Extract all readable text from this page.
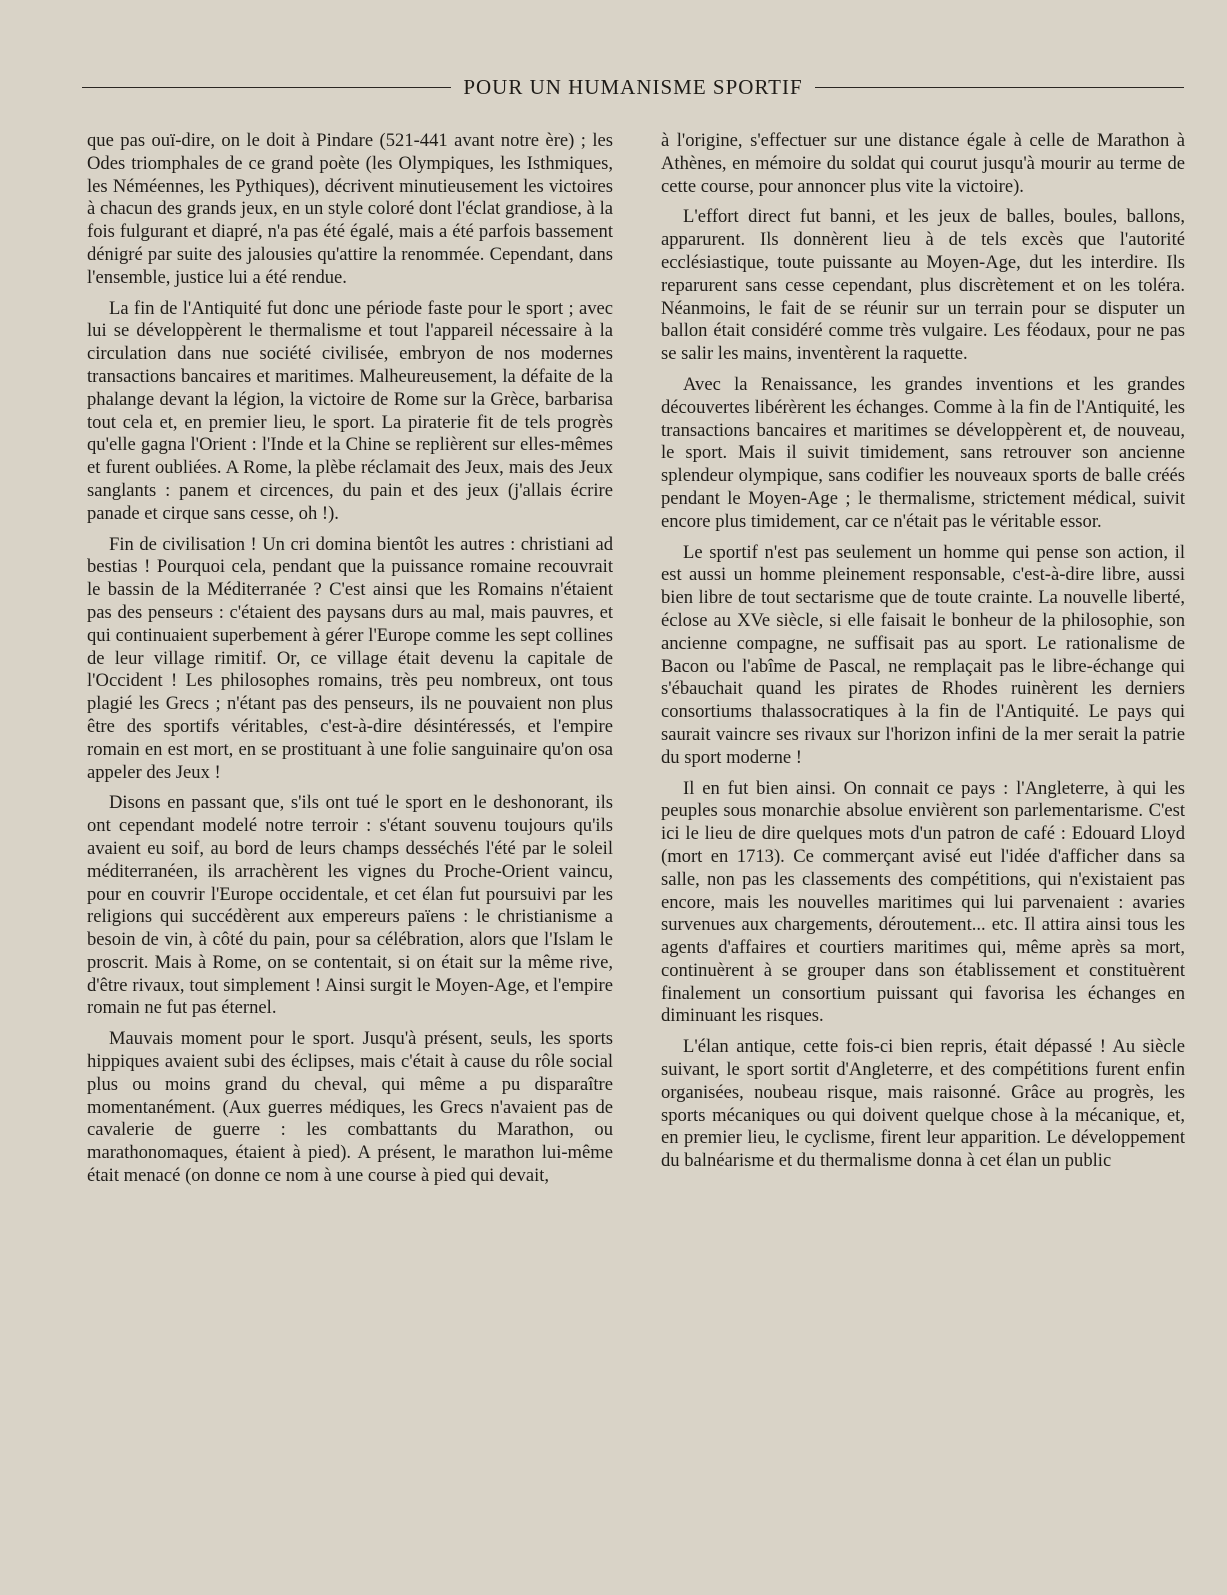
POUR UN HUMANISME SPORTIF

que pas ouï-dire, on le doit à Pindare (521-441 avant notre ère) ; les Odes triomphales de ce grand poète (les Olympiques, les Isthmiques, les Néméennes, les Pythiques), décrivent minutieusement les victoires à chacun des grands jeux, en un style coloré dont l'éclat grandiose, à la fois fulgurant et diapré, n'a pas été égalé, mais a été parfois bassement dénigré par suite des jalousies qu'attire la renommée. Cependant, dans l'ensemble, justice lui a été rendue.

La fin de l'Antiquité fut donc une période faste pour le sport ; avec lui se développèrent le thermalisme et tout l'appareil nécessaire à la circulation dans nue société civilisée, embryon de nos modernes transactions bancaires et maritimes. Malheureusement, la défaite de la phalange devant la légion, la victoire de Rome sur la Grèce, barbarisa tout cela et, en premier lieu, le sport. La piraterie fit de tels progrès qu'elle gagna l'Orient : l'Inde et la Chine se replièrent sur elles-mêmes et furent oubliées. A Rome, la plèbe réclamait des Jeux, mais des Jeux sanglants : panem et circences, du pain et des jeux (j'allais écrire panade et cirque sans cesse, oh !).

Fin de civilisation ! Un cri domina bientôt les autres : christiani ad bestias ! Pourquoi cela, pendant que la puissance romaine recouvrait le bassin de la Méditerranée ? C'est ainsi que les Romains n'étaient pas des penseurs : c'étaient des paysans durs au mal, mais pauvres, et qui continuaient superbement à gérer l'Europe comme les sept collines de leur village rimitif. Or, ce village était devenu la capitale de l'Occident ! Les philosophes romains, très peu nombreux, ont tous plagié les Grecs ; n'étant pas des penseurs, ils ne pouvaient non plus être des sportifs véritables, c'est-à-dire désintéressés, et l'empire romain en est mort, en se prostituant à une folie sanguinaire qu'on osa appeler des Jeux !

Disons en passant que, s'ils ont tué le sport en le deshonorant, ils ont cependant modelé notre terroir : s'étant souvenu toujours qu'ils avaient eu soif, au bord de leurs champs desséchés l'été par le soleil méditerranéen, ils arrachèrent les vignes du Proche-Orient vaincu, pour en couvrir l'Europe occidentale, et cet élan fut poursuivi par les religions qui succédèrent aux empereurs païens : le christianisme a besoin de vin, à côté du pain, pour sa célébration, alors que l'Islam le proscrit. Mais à Rome, on se contentait, si on était sur la même rive, d'être rivaux, tout simplement ! Ainsi surgit le Moyen-Age, et l'empire romain ne fut pas éternel.

Mauvais moment pour le sport. Jusqu'à présent, seuls, les sports hippiques avaient subi des éclipses, mais c'était à cause du rôle social plus ou moins grand du cheval, qui même a pu disparaître momentanément. (Aux guerres médiques, les Grecs n'avaient pas de cavalerie de guerre : les combattants du Marathon, ou marathonomaques, étaient à pied). A présent, le marathon lui-même était menacé (on donne ce nom à une course à pied qui devait,

à l'origine, s'effectuer sur une distance égale à celle de Marathon à Athènes, en mémoire du soldat qui courut jusqu'à mourir au terme de cette course, pour annoncer plus vite la victoire).

L'effort direct fut banni, et les jeux de balles, boules, ballons, apparurent. Ils donnèrent lieu à de tels excès que l'autorité ecclésiastique, toute puissante au Moyen-Age, dut les interdire. Ils reparurent sans cesse cependant, plus discrètement et on les toléra. Néanmoins, le fait de se réunir sur un terrain pour se disputer un ballon était considéré comme très vulgaire. Les féodaux, pour ne pas se salir les mains, inventèrent la raquette.

Avec la Renaissance, les grandes inventions et les grandes découvertes libérèrent les échanges. Comme à la fin de l'Antiquité, les transactions bancaires et maritimes se développèrent et, de nouveau, le sport. Mais il suivit timidement, sans retrouver son ancienne splendeur olympique, sans codifier les nouveaux sports de balle créés pendant le Moyen-Age ; le thermalisme, strictement médical, suivit encore plus timidement, car ce n'était pas le véritable essor.

Le sportif n'est pas seulement un homme qui pense son action, il est aussi un homme pleinement responsable, c'est-à-dire libre, aussi bien libre de tout sectarisme que de toute crainte. La nouvelle liberté, éclose au XVe siècle, si elle faisait le bonheur de la philosophie, son ancienne compagne, ne suffisait pas au sport. Le rationalisme de Bacon ou l'abîme de Pascal, ne remplaçait pas le libre-échange qui s'ébauchait quand les pirates de Rhodes ruinèrent les derniers consortiums thalassocratiques à la fin de l'Antiquité. Le pays qui saurait vaincre ses rivaux sur l'horizon infini de la mer serait la patrie du sport moderne !

Il en fut bien ainsi. On connait ce pays : l'Angleterre, à qui les peuples sous monarchie absolue envièrent son parlementarisme. C'est ici le lieu de dire quelques mots d'un patron de café : Edouard Lloyd (mort en 1713). Ce commerçant avisé eut l'idée d'afficher dans sa salle, non pas les classements des compétitions, qui n'existaient pas encore, mais les nouvelles maritimes qui lui parvenaient : avaries survenues aux chargements, déroutement... etc. Il attira ainsi tous les agents d'affaires et courtiers maritimes qui, même après sa mort, continuèrent à se grouper dans son établissement et constituèrent finalement un consortium puissant qui favorisa les échanges en diminuant les risques.

L'élan antique, cette fois-ci bien repris, était dépassé ! Au siècle suivant, le sport sortit d'Angleterre, et des compétitions furent enfin organisées, noubeau risque, mais raisonné. Grâce au progrès, les sports mécaniques ou qui doivent quelque chose à la mécanique, et, en premier lieu, le cyclisme, firent leur apparition. Le développement du balnéarisme et du thermalisme donna à cet élan un public
